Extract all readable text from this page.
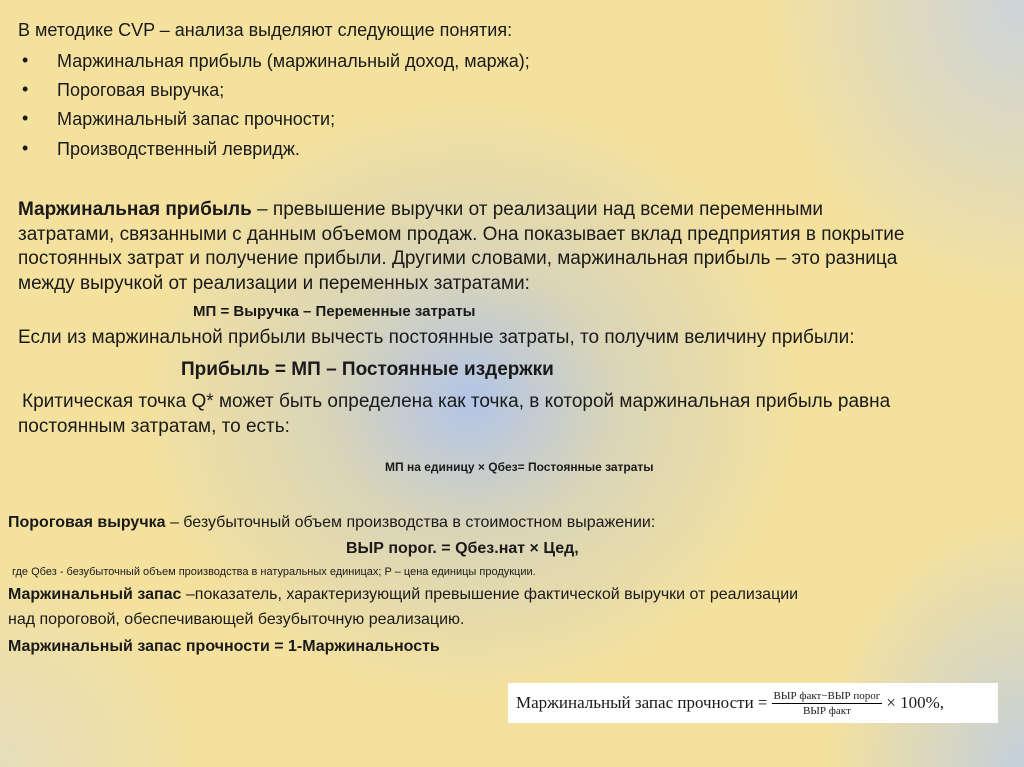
В методике CVP – анализа выделяют следующие понятия:
• Маржинальная прибыль (маржинальный доход, маржа);
• Пороговая выручка;
• Маржинальный запас прочности;
• Производственный левридж.
Маржинальная прибыль – превышение выручки от реализации над всеми переменными
затратами, связанными с данным объемом продаж. Она показывает вклад предприятия в покрытие
постоянных затрат и получение прибыли. Другими словами, маржинальная прибыль – это разница
между выручкой от реализации и переменных затратами:
МП = Выручка – Переменные затраты
Если из маржинальной прибыли вычесть постоянные затраты, то получим величину прибыли:
Прибыль = МП – Постоянные издержки
Критическая точка Q* может быть определена как точка, в которой маржинальная прибыль равна
постоянным затратам, то есть:
МП на единицу × Qбез= Постоянные затраты
Пороговая выручка – безубыточный объем производства в стоимостном выражении:
ВЫР порог. = Qбез.нат × Цед,
где Qбез - безубыточный объем производства в натуральных единицах; P – цена единицы продукции.
Маржинальный запас –показатель, характеризующий превышение фактической выручки от реализации
над пороговой, обеспечивающей безубыточную реализацию.
Маржинальный запас прочности = 1-Маржинальность
Маржинальный запас прочности = $\frac{\text{ВЫР факт−ВЫР порог}}{\text{ВЫР факт}} \times 100\%$,
